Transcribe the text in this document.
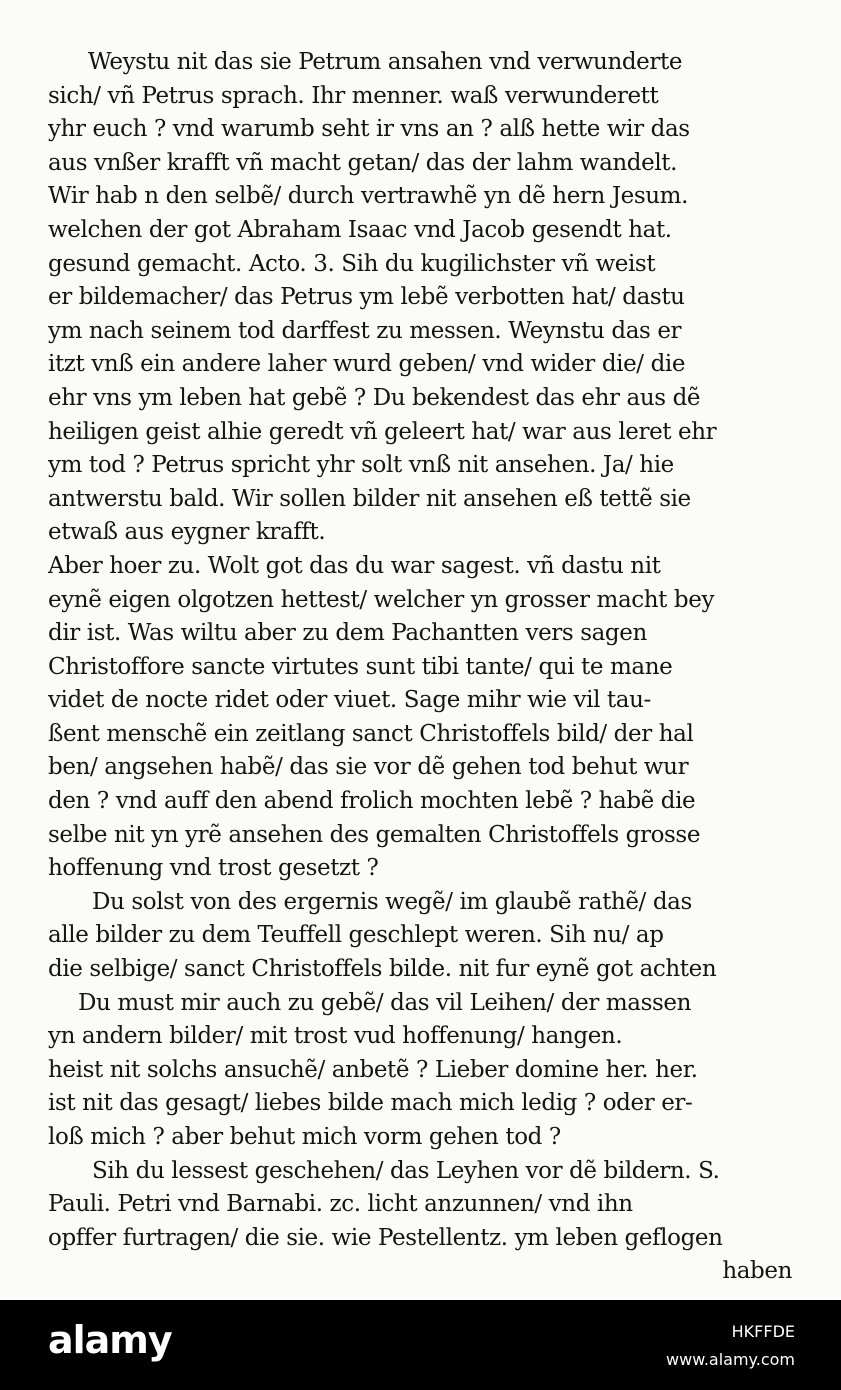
Weystu nit das sie Petrum ansahen vnd verwunderte
sich/ vñ Petrus sprach. Ihr menner. waß verwunderett
yhr euch ? vnd warumb seht ir vns an ? alß hette wir das
aus vnßer krafft vñ macht getan/ das der lahm wandelt.
Wir hab n den selbẽ/ durch vertrawhẽ yn dẽ hern Jesum.
welchen der got Abraham Isaac vnd Jacob gesendt hat.
gesund gemacht. Acto. 3. Sih du kugilichster vñ weist
er bildemacher/ das Petrus ym lebẽ verbotten hat/ dastu
ym nach seinem tod darffest zu messen. Weynstu das er
itzt vnß ein andere laher wurd geben/ vnd wider die/ die
ehr vns ym leben hat gebẽ ? Du bekendest das ehr aus dẽ
heiligen geist alhie geredt vñ geleert hat/ war aus leret ehr
ym tod ? Petrus spricht yhr solt vnß nit ansehen. Ja/ hie
antwerstu bald. Wir sollen bilder nit ansehen eß tettẽ sie
etwaß aus eygner krafft.
Aber hoer zu. Wolt got das du war sagest. vñ dastu nit
eynẽ eigen olgotzen hettest/ welcher yn grosser macht bey
dir ist. Was wiltu aber zu dem Pachantten vers sagen
Christoffore sancte virtutes sunt tibi tante/ qui te mane
videt de nocte ridet oder viuet. Sage mihr wie vil tau-
ßent menschẽ ein zeitlang sanct Christoffels bild/ der hal
ben/ angsehen habẽ/ das sie vor dẽ gehen tod behut wur
den ? vnd auff den abend frolich mochten lebẽ ? habẽ die
selbe nit yn yrẽ ansehen des gemalten Christoffels grosse
hoffenung vnd trost gesetzt ?
Du solst von des ergernis wegẽ/ im glaubẽ rathẽ/ das
alle bilder zu dem Teuffell geschlept weren. Sih nu/ ap
die selbige/ sanct Christoffels bilde. nit fur eynẽ got achten
Du must mir auch zu gebẽ/ das vil Leihen/ der massen
yn andern bilder/ mit trost vud hoffenung/ hangen.
heist nit solchs ansuchẽ/ anbetẽ ? Lieber domine her. her.
ist nit das gesagt/ liebes bilde mach mich ledig ? oder er-
loß mich ? aber behut mich vorm gehen tod ?
Sih du lessest geschehen/ das Leyhen vor dẽ bildern. S.
Pauli. Petri vnd Barnabi. zc. licht anzunnen/ vnd ihn
opffer furtragen/ die sie. wie Pestellentz. ym leben geflogen
haben
alamy	HKFFDE
www.alamy.com
